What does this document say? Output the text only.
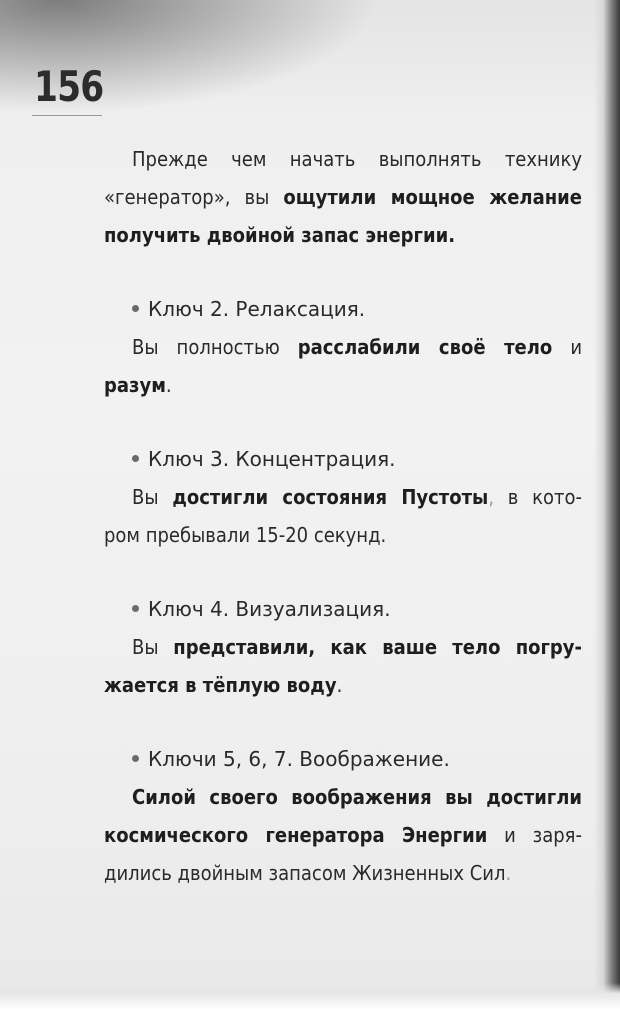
156

Прежде чем начать выполнять технику
«генератор», вы ощутили мощное желание
получить двойной запас энергии.

Ключ 2. Релаксация.

Вы полностью расслабили своё тело и
разум.

Ключ 3. Концентрация.

Вы достигли состояния Пустоты, в кото-
ром пребывали 15-20 секунд.

Ключ 4. Визуализация.

Вы представили, как ваше тело погру-
жается в тёплую воду.

Ключи 5, 6, 7. Воображение.

Силой своего воображения вы достигли
космического генератора Энергии и заря-
дились двойным запасом Жизненных Сил.
